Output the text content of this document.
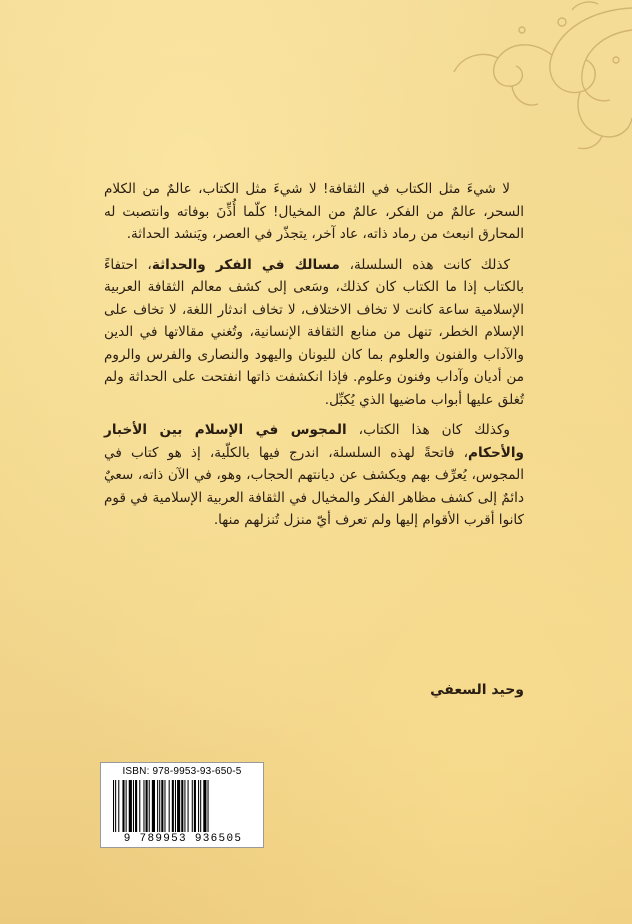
لا شيءَ مثل الكتاب في الثقافة! لا شيءَ مثل الكتاب، عالمٌ من الكلام السحر، عالمٌ من الفكر، عالمٌ من المخيال! كلّما أُذِّنَ بوفاته وانتصبت له المحارق انبعث من رماد ذاته، عاد آخر، يتجذّر في العصر، ويَنشد الحداثة.

كذلك كانت هذه السلسلة، مسالك في الفكر والحداثة، احتفاءً بالكتاب إذا ما الكتاب كان كذلك، وسَعى إلى كشف معالم الثقافة العربية الإسلامية ساعة كانت لا تخاف الاختلاف، لا تخاف اندثار اللغة، لا تخاف على الإسلام الخطر، تنهل من منابع الثقافة الإنسانية، وتُغني مقالاتها في الدين والآداب والفنون والعلوم بما كان لليونان واليهود والنصارى والفرس والروم من أديان وآداب وفنون وعلوم. فإذا انكشفت ذاتها انفتحت على الحداثة ولم تُغلق عليها أبواب ماضيها الذي يُكبِّل.

وكذلك كان هذا الكتاب، المجوس في الإسلام بين الأخبار والأحكام، فاتحةً لهذه السلسلة، اندرج فيها بالكلّية، إذ هو كتاب في المجوس، يُعرِّف بهم ويكشف عن ديانتهم الحجاب، وهو، في الآن ذاته، سعيٌ دائمٌ إلى كشف مظاهر الفكر والمخيال في الثقافة العربية الإسلامية في قوم كانوا أقرب الأقوام إليها ولم تعرف أيّ منزل تُنزلهم منها.

وحيد السعفي

ISBN: 978-9953-93-650-5
9 789953 936505
